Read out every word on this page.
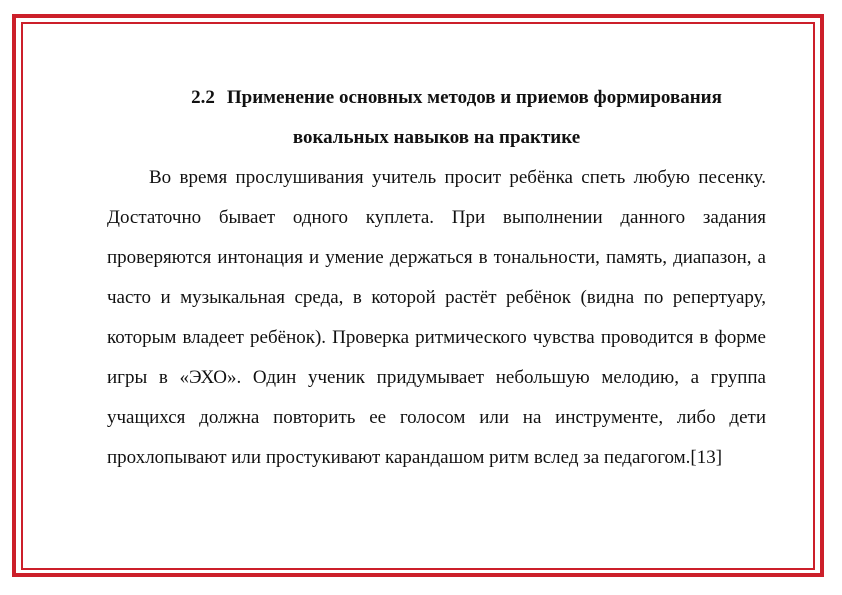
2.2 Применение основных методов и приемов формирования
вокальных навыков на практике

Во время прослушивания учитель просит ребёнка спеть любую песенку. Достаточно бывает одного куплета. При выполнении данного задания проверяются интонация и умение держаться в тональности, память, диапазон, а часто и музыкальная среда, в которой растёт ребёнок (видна по репертуару, которым владеет ребёнок). Проверка ритмического чувства проводится в форме игры в «ЭХО». Один ученик придумывает небольшую мелодию, а группа учащихся должна повторить ее голосом или на инструменте, либо дети прохлопывают или простукивают карандашом ритм вслед за педагогом.[13]
